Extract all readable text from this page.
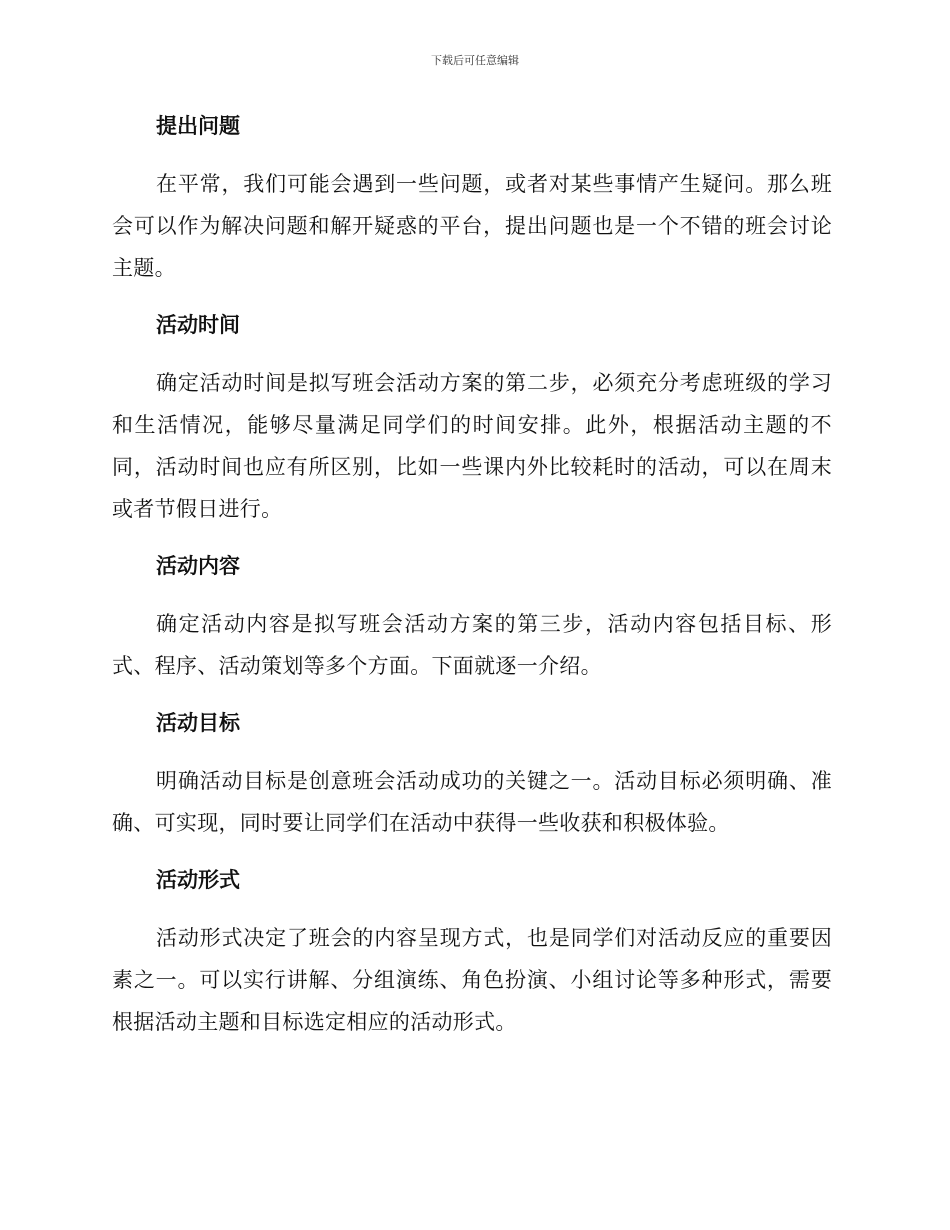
下载后可任意编辑
提出问题

在平常，我们可能会遇到一些问题，或者对某些事情产生疑问。那么班会可以作为解决问题和解开疑惑的平台，提出问题也是一个不错的班会讨论主题。

活动时间

确定活动时间是拟写班会活动方案的第二步，必须充分考虑班级的学习和生活情况，能够尽量满足同学们的时间安排。此外，根据活动主题的不同，活动时间也应有所区别，比如一些课内外比较耗时的活动，可以在周末或者节假日进行。

活动内容

确定活动内容是拟写班会活动方案的第三步，活动内容包括目标、形式、程序、活动策划等多个方面。下面就逐一介绍。

活动目标

明确活动目标是创意班会活动成功的关键之一。活动目标必须明确、准确、可实现，同时要让同学们在活动中获得一些收获和积极体验。

活动形式

活动形式决定了班会的内容呈现方式，也是同学们对活动反应的重要因素之一。可以实行讲解、分组演练、角色扮演、小组讨论等多种形式，需要根据活动主题和目标选定相应的活动形式。
